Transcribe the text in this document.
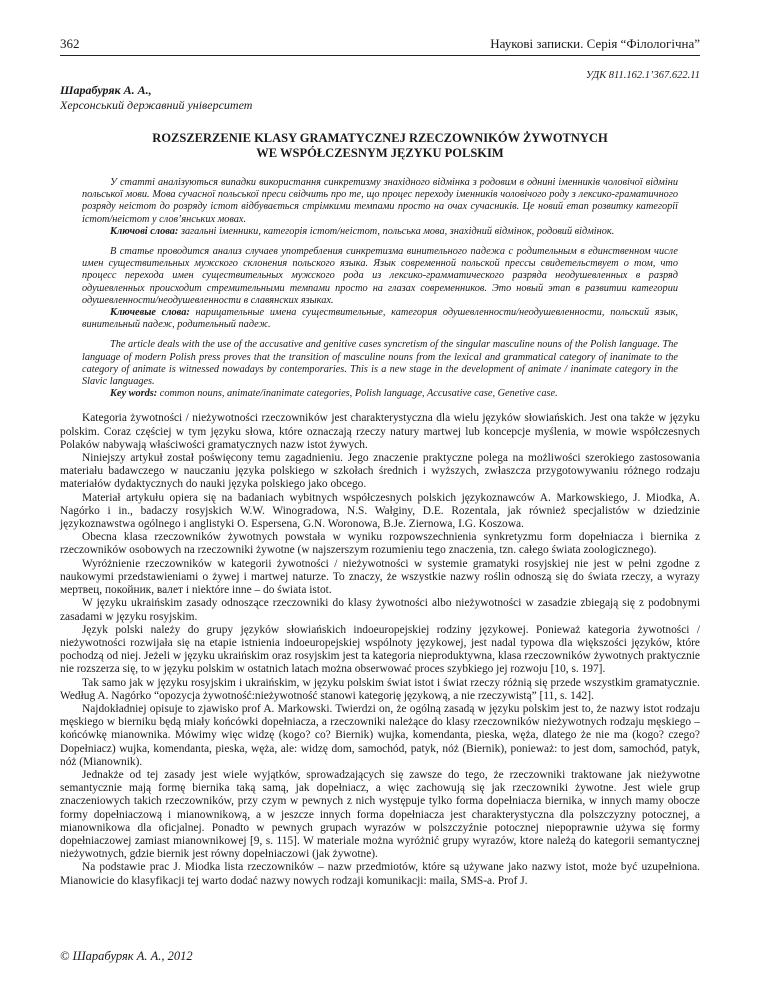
362	Наукові записки. Серія “Філологічна”
УДК 811.162.1’367.622.11
Шарабуряк А. А.,
Херсонський державний університет
ROZSZERZENIE KLASY GRAMATYCZNEJ RZECZOWNIKÓW ŻYWOTNYCH
WE WSPÓŁCZESNYM JĘZYKU POLSKIM

У статті аналізуються випадки використання синкретизму знахідного відмінка з родовим в однині іменників чоловічої відміни польської мови. Мова сучасної польської преси свідчить про те, що процес переходу іменників чоловічого роду з лексико-граматичного розряду неістот до розряду істот відбувається стрімкими темпами просто на очах сучасників. Це новий етап розвитку категорії істот/неістот у слов’янських мовах.

Ключові слова: загальні іменники, категорія істот/неістот, польська мова, знахідний відмінок, родовий відмінок.

В статье проводится анализ случаев употребления синкретизма винительного падежа с родительным в единственном числе имен существительных мужского склонения польского языка. Язык современной польской прессы свидетельствует о том, что процесс перехода имен существительных мужского рода из лексико-грамматического разряда неодушевленных в разряд одушевленных происходит стремительными темпами просто на глазах современников. Это новый этап в развитии категории одушевленности/неодушевленности в славянских языках.

Ключевые слова: нарицательные имена существительные, категория одушевленности/неодушевленности, польский язык, винительный падеж, родительный падеж.

The article deals with the use of the accusative and genitive cases syncretism of the singular masculine nouns of the Polish language. The language of modern Polish press proves that the transition of masculine nouns from the lexical and grammatical category of inanimate to the category of animate is witnessed nowadays by contemporaries. This is a new stage in the development of animate / inanimate category in the Slavic languages.

Key words: common nouns, animate/inanimate categories, Polish language, Accusative case, Genetive case.

Kategoria żywotności / nieżywotności rzeczowników jest charakterystyczna dla wielu języków słowiańskich. Jest ona także w języku polskim. Coraz częściej w tym języku słowa, które oznaczają rzeczy natury martwej lub koncepcje myślenia, w mowie współczesnych Polaków nabywają właściwości gramatycznych nazw istot żywych.

Niniejszy artykuł został poświęcony temu zagadnieniu. Jego znaczenie praktyczne polega na możliwości szerokiego zastosowania materiału badawczego w nauczaniu języka polskiego w szkołach średnich i wyższych, zwłaszcza przygotowywaniu różnego rodzaju materiałów dydaktycznych do nauki języka polskiego jako obcego.

Materiał artykułu opiera się na badaniach wybitnych współczesnych polskich językoznawców A. Markowskiego, J. Miodka, A. Nagórko i in., badaczy rosyjskich W.W. Winogradowa, N.S. Wałginy, D.E. Rozentala, jak również specjalistów w dziedzinie językoznawstwa ogólnego i anglistyki O. Espersena, G.N. Woronowa, B.Je. Ziernowa, I.G. Koszowa.

Obecna klasa rzeczowników żywotnych powstała w wyniku rozpowszechnienia synkretyzmu form dopełniacza i biernika z rzeczowników osobowych na rzeczowniki żywotne (w najszerszym rozumieniu tego znaczenia, tzn. całego świata zoologicznego).

Wyróżnienie rzeczowników w kategorii żywotności / nieżywotności w systemie gramatyki rosyjskiej nie jest w pełni zgodne z naukowymi przedstawieniami o żywej i martwej naturze. To znaczy, że wszystkie nazwy roślin odnoszą się do świata rzeczy, a wyrazy мертвец, покойник, валет i niektóre inne – do świata istot.

W języku ukraińskim zasady odnoszące rzeczowniki do klasy żywotności albo nieżywotności w zasadzie zbiegają się z podobnymi zasadami w języku rosyjskim.

Język polski należy do grupy języków słowiańskich indoeuropejskiej rodziny językowej. Ponieważ kategoria żywotności / nieżywotności rozwijała się na etapie istnienia indoeuropejskiej wspólnoty językowej, jest nadal typowa dla większości języków, które pochodzą od niej. Jeżeli w języku ukraińskim oraz rosyjskim jest ta kategoria nieproduktywna, klasa rzeczowników żywotnych praktycznie nie rozszerza się, to w języku polskim w ostatnich latach można obserwować proces szybkiego jej rozwoju [10, s. 197].

Tak samo jak w języku rosyjskim i ukraińskim, w języku polskim świat istot i świat rzeczy różnią się przede wszystkim gramatycznie. Według A. Nagórko “opozycja żywotność:nieżywotność stanowi kategorię językową, a nie rzeczywistą” [11, s. 142].

Najdokładniej opisuje to zjawisko prof A. Markowski. Twierdzi on, że ogólną zasadą w języku polskim jest to, że nazwy istot rodzaju męskiego w bierniku będą miały końcówki dopełniacza, a rzeczowniki należące do klasy rzeczowników nieżywotnych rodzaju męskiego – końcówkę mianownika. Mówimy więc widzę (kogo? co? Biernik) wujka, komendanta, pieska, węża, dlatego że nie ma (kogo? czego? Dopełniacz) wujka, komendanta, pieska, węża, ale: widzę dom, samochód, patyk, nóż (Biernik), ponieważ: to jest dom, samochód, patyk, nóż (Mianownik).

Jednakże od tej zasady jest wiele wyjątków, sprowadzających się zawsze do tego, że rzeczowniki traktowane jak nieżywotne semantycznie mają formę biernika taką samą, jak dopełniacz, a więc zachowują się jak rzeczowniki żywotne. Jest wiele grup znaczeniowych takich rzeczowników, przy czym w pewnych z nich występuje tylko forma dopełniacza biernika, w innych mamy obocze formy dopełniaczową i mianownikową, a w jeszcze innych forma dopełniacza jest charakterystyczna dla polszczyzny potocznej, a mianownikowa dla oficjalnej. Ponadto w pewnych grupach wyrazów w polszczyźnie potocznej niepoprawnie używa się formy dopełniaczowej zamiast mianownikowej [9, s. 115]. W materiale można wyróżnić grupy wyrazów, ktore należą do kategorii semantycznej nieżywotnych, gdzie biernik jest równy dopełniaczowi (jak żywotne).

Na podstawie prac J. Miodka lista rzeczowników – nazw przedmiotów, które są używane jako nazwy istot, może być uzupełniona. Mianowicie do klasyfikacji tej warto dodać nazwy nowych rodzaji komunikacji: maila, SMS-a. Prof J.

© Шарабуряк А. А., 2012
